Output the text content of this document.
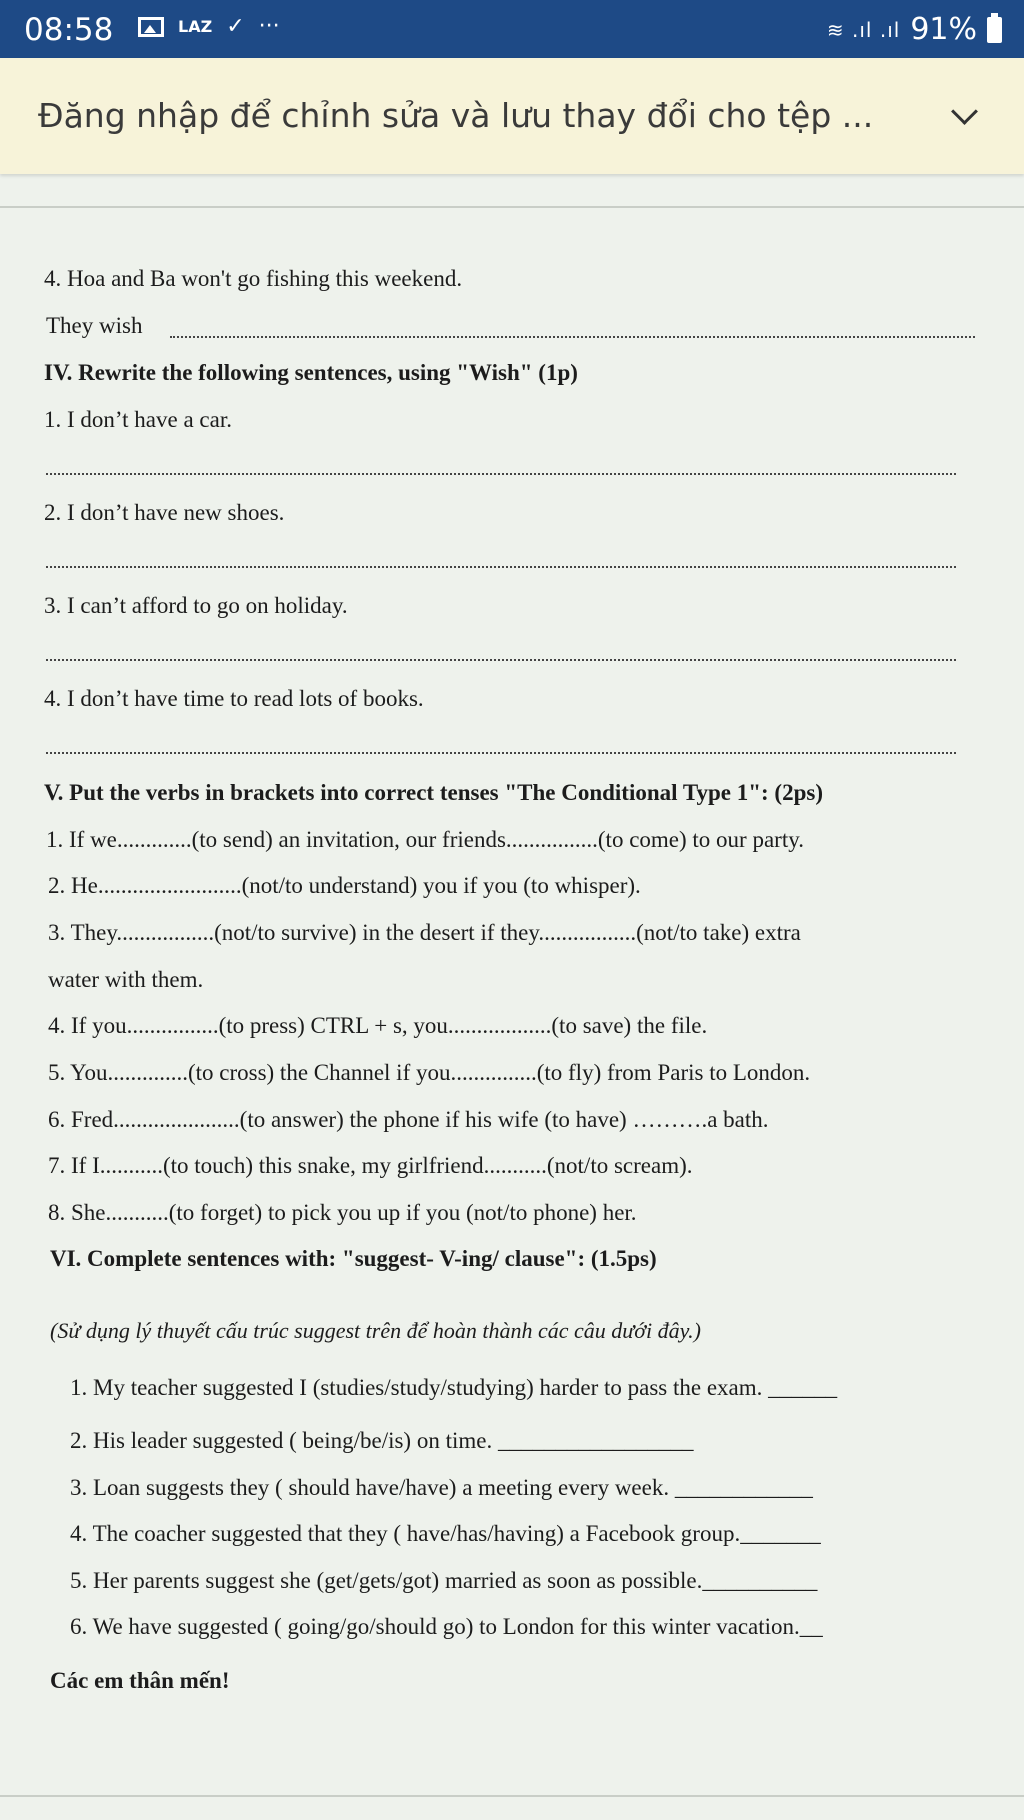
08:58	LAZ ✓ ···	≋ .ıl .ıl 91%
Đăng nhập để chỉnh sửa và lưu thay đổi cho tệp ...
4. Hoa and Ba won't go fishing this weekend.
They wish
IV. Rewrite the following sentences, using "Wish" (1p)
1. I don’t have a car.
2. I don’t have new shoes.
3. I can’t afford to go on holiday.
4. I don’t have time to read lots of books.
V. Put the verbs in brackets into correct tenses "The Conditional Type 1": (2ps)
1. If we.............(to send) an invitation, our friends................(to come) to our party.
2. He.........................(not/to understand) you if you (to whisper).
3. They.................(not/to survive) in the desert if they.................(not/to take) extra
water with them.
4. If you................(to press) CTRL + s, you..................(to save) the file.
5. You..............(to cross) the Channel if you...............(to fly) from Paris to London.
6. Fred......................(to answer) the phone if his wife (to have) ……….a bath.
7. If I...........(to touch) this snake, my girlfriend...........(not/to scream).
8. She...........(to forget) to pick you up if you (not/to phone) her.
VI. Complete sentences with: "suggest- V-ing/ clause": (1.5ps)
(Sử dụng lý thuyết cấu trúc suggest trên để hoàn thành các câu dưới đây.)
1. My teacher suggested I (studies/study/studying) harder to pass the exam. ______
2. His leader suggested ( being/be/is) on time. _________________
3. Loan suggests they ( should have/have) a meeting every week. ____________
4. The coacher suggested that they ( have/has/having) a Facebook group._______
5. Her parents suggest she (get/gets/got) married as soon as possible.__________
6. We have suggested ( going/go/should go) to London for this winter vacation.__
Các em thân mến!
